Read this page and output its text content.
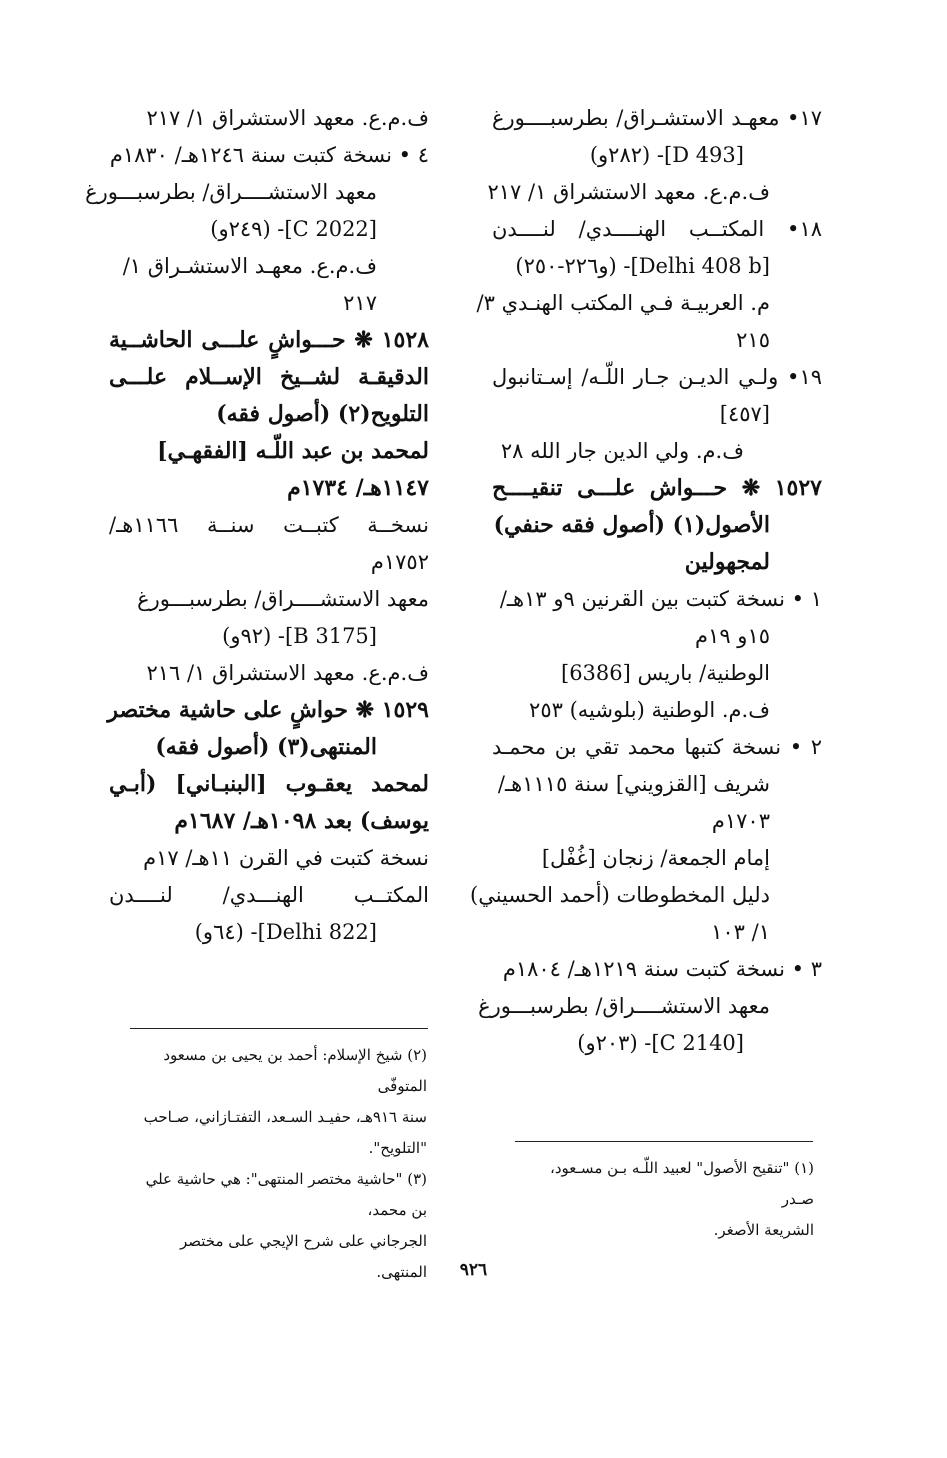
١٧• معهـد الاستشـراق/ بطرسبــــورغ
[D 493]- (٢٨٢و)
ف.م.ع. معهد الاستشراق ١/ ٢١٧
١٨• المكتــب الهنــــدي/ لنــــدن
[Delhi 408 b]- (و٢٢٦-٢٥٠)
م. العربيـة فـي المكتب الهنـدي ٣/
٢١٥
١٩• ولـي الديـن جـار اللّـه/ إسـتانبول
[٤٥٧]
ف.م. ولي الدين جار الله ٢٨
١٥٢٧ ❋ حـــواش علـــى تنقيــــح
الأصول(١) (أصول فقه حنفي)
لمجهولين
١ • نسخة كتبت بين القرنين ٩و ١٣هـ/
١٥و ١٩م
الوطنية/ باريس [6386]
ف.م. الوطنية (بلوشيه) ٢٥٣
٢ • نسخة كتبها محمد تقي بن محمـد
شريف [القزويني] سنة ١١١٥هـ/
١٧٠٣م
إمام الجمعة/ زنجان [غُفْل]
دليل المخطوطات (أحمد الحسيني)
١/ ١٠٣
٣ • نسخة كتبت سنة ١٢١٩هـ/ ١٨٠٤م
معهد الاستشــــراق/ بطرسبـــورغ
[C 2140]- (٢٠٣و)
ف.م.ع. معهد الاستشراق ١/ ٢١٧
٤ • نسخة كتبت سنة ١٢٤٦هـ/ ١٨٣٠م
معهد الاستشــــراق/ بطرسبـــورغ
[C 2022]- (٢٤٩و)
ف.م.ع. معهـد الاستشـراق ١/
٢١٧
١٥٢٨ ❋ حـــواشٍ علـــى الحاشــية
الدقيقـة لشــيخ الإســلام علـــى
التلويح(٢) (أصول فقه)
لمحمد بن عبد اللّـه [الفقهـي]
١١٤٧هـ/ ١٧٣٤م
نسخــة كتبــت سنــة ١١٦٦هـ/
١٧٥٢م
معهد الاستشــــراق/ بطرسبـــورغ
[B 3175]- (٩٢و)
ف.م.ع. معهد الاستشراق ١/ ٢١٦
١٥٢٩ ❋ حواشٍ على حاشية مختصر
المنتهى(٣) (أصول فقه)
لمحمد يعقـوب [البنبـاني] (أبـي
يوسف) بعد ١٠٩٨هـ/ ١٦٨٧م
نسخة كتبت في القرن ١١هـ/ ١٧م
المكتــب الهنـــدي/ لنــــدن
[Delhi 822]- (٦٤و)
(٢) شيخ الإسلام: أحمد بن يحيى بن مسعود المتوفّى
سنة ٩١٦هـ، حفيـد السـعد، التفتـازاني، صـاحب
"التلويح".
(٣) "حاشية مختصر المنتهى": هي حاشية علي بن محمد،
الجرجاني على شرح الإيجي على مختصر المنتهى.
(١) "تنقيح الأصول" لعبيد اللّـه بـن مسـعود، صـدر
الشريعة الأصغر.
٩٢٦
